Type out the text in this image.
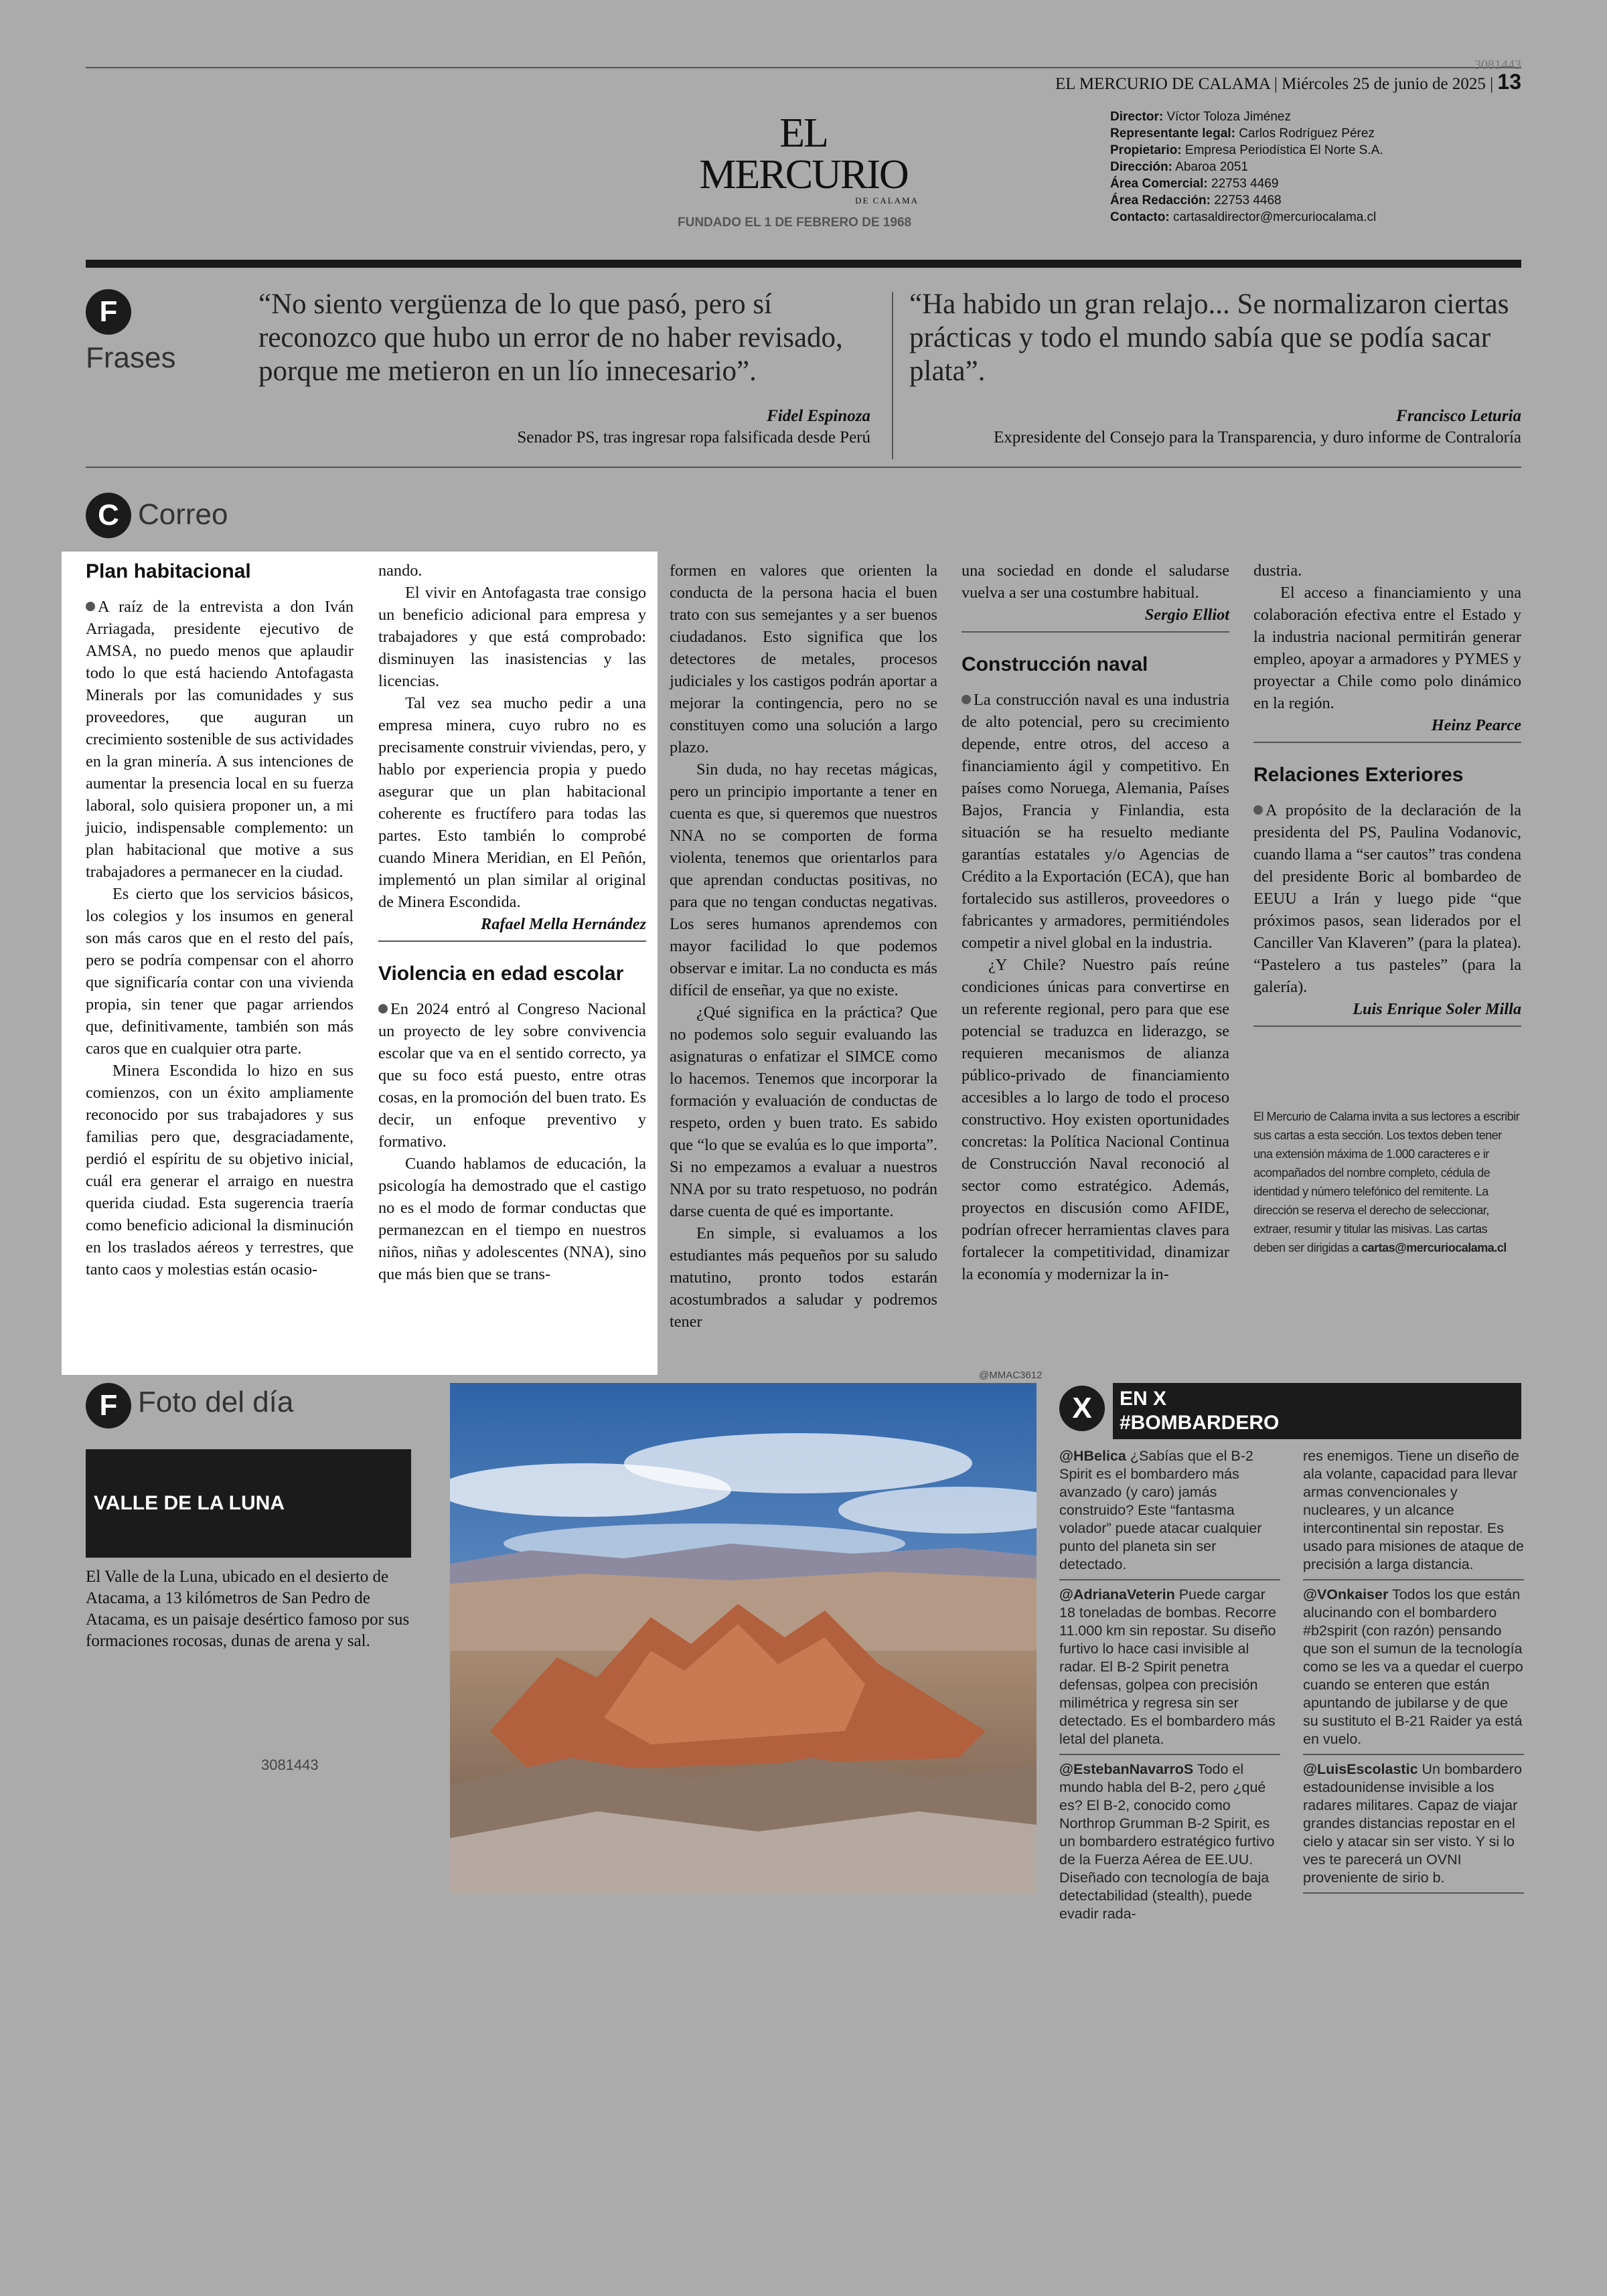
3081443
EL MERCURIO DE CALAMA | Miércoles 25 de junio de 2025 | 13
EL MERCURIO
DE CALAMA
FUNDADO EL 1 DE FEBRERO DE 1968
Director: Víctor Toloza Jiménez
Representante legal: Carlos Rodríguez Pérez
Propietario: Empresa Periodística El Norte S.A.
Dirección: Abaroa 2051
Área Comercial: 22753 4469
Área Redacción: 22753 4468
Contacto: cartasaldirector@mercuriocalama.cl
F
Frases
“No siento vergüenza de lo que pasó, pero sí reconozco que hubo un error de no haber revisado, porque me metieron en un lío innecesario”.
Fidel Espinoza
Senador PS, tras ingresar ropa falsificada desde Perú
“Ha habido un gran relajo... Se normalizaron ciertas prácticas y todo el mundo sabía que se podía sacar plata”.
Francisco Leturia
Expresidente del Consejo para la Transparencia, y duro informe de Contraloría
C Correo
Plan habitacional

A raíz de la entrevista a don Iván Arriagada, presidente ejecutivo de AMSA, no puedo menos que aplaudir todo lo que está haciendo Antofagasta Minerals por las comunidades y sus proveedores, que auguran un crecimiento sostenible de sus actividades en la gran minería. A sus intenciones de aumentar la presencia local en su fuerza laboral, solo quisiera proponer un, a mi juicio, indispensable complemento: un plan habitacional que motive a sus trabajadores a permanecer en la ciudad.

Es cierto que los servicios básicos, los colegios y los insumos en general son más caros que en el resto del país, pero se podría compensar con el ahorro que significaría contar con una vivienda propia, sin tener que pagar arriendos que, definitivamente, también son más caros que en cualquier otra parte.

Minera Escondida lo hizo en sus comienzos, con un éxito ampliamente reconocido por sus trabajadores y sus familias pero que, desgraciadamente, perdió el espíritu de su objetivo inicial, cuál era generar el arraigo en nuestra querida ciudad. Esta sugerencia traería como beneficio adicional la disminución en los traslados aéreos y terrestres, que tanto caos y molestias están ocasio-

nando.

El vivir en Antofagasta trae consigo un beneficio adicional para empresa y trabajadores y que está comprobado: disminuyen las inasistencias y las licencias.

Tal vez sea mucho pedir a una empresa minera, cuyo rubro no es precisamente construir viviendas, pero, y hablo por experiencia propia y puedo asegurar que un plan habitacional coherente es fructífero para todas las partes. Esto también lo comprobé cuando Minera Meridian, en El Peñón, implementó un plan similar al original de Minera Escondida.

Rafael Mella Hernández

Violencia en edad escolar

En 2024 entró al Congreso Nacional un proyecto de ley sobre convivencia escolar que va en el sentido correcto, ya que su foco está puesto, entre otras cosas, en la promoción del buen trato. Es decir, un enfoque preventivo y formativo.

Cuando hablamos de educación, la psicología ha demostrado que el castigo no es el modo de formar conductas que permanezcan en el tiempo en nuestros niños, niñas y adolescentes (NNA), sino que más bien que se trans-

formen en valores que orienten la conducta de la persona hacia el buen trato con sus semejantes y a ser buenos ciudadanos. Esto significa que los detectores de metales, procesos judiciales y los castigos podrán aportar a mejorar la contingencia, pero no se constituyen como una solución a largo plazo.

Sin duda, no hay recetas mágicas, pero un principio importante a tener en cuenta es que, si queremos que nuestros NNA no se comporten de forma violenta, tenemos que orientarlos para que aprendan conductas positivas, no para que no tengan conductas negativas. Los seres humanos aprendemos con mayor facilidad lo que podemos observar e imitar. La no conducta es más difícil de enseñar, ya que no existe.

¿Qué significa en la práctica? Que no podemos solo seguir evaluando las asignaturas o enfatizar el SIMCE como lo hacemos. Tenemos que incorporar la formación y evaluación de conductas de respeto, orden y buen trato. Es sabido que “lo que se evalúa es lo que importa”. Si no empezamos a evaluar a nuestros NNA por su trato respetuoso, no podrán darse cuenta de qué es importante.

En simple, si evaluamos a los estudiantes más pequeños por su saludo matutino, pronto todos estarán acostumbrados a saludar y podremos tener

una sociedad en donde el saludarse vuelva a ser una costumbre habitual.

Sergio Elliot

Construcción naval

La construcción naval es una industria de alto potencial, pero su crecimiento depende, entre otros, del acceso a financiamiento ágil y competitivo. En países como Noruega, Alemania, Países Bajos, Francia y Finlandia, esta situación se ha resuelto mediante garantías estatales y/o Agencias de Crédito a la Exportación (ECA), que han fortalecido sus astilleros, proveedores o fabricantes y armadores, permitiéndoles competir a nivel global en la industria.

¿Y Chile? Nuestro país reúne condiciones únicas para convertirse en un referente regional, pero para que ese potencial se traduzca en liderazgo, se requieren mecanismos de alianza público-privado de financiamiento accesibles a lo largo de todo el proceso constructivo. Hoy existen oportunidades concretas: la Política Nacional Continua de Construcción Naval reconoció al sector como estratégico. Además, proyectos en discusión como AFIDE, podrían ofrecer herramientas claves para fortalecer la competitividad, dinamizar la economía y modernizar la in-

dustria.

El acceso a financiamiento y una colaboración efectiva entre el Estado y la industria nacional permitirán generar empleo, apoyar a armadores y PYMES y proyectar a Chile como polo dinámico en la región.

Heinz Pearce

Relaciones Exteriores

A propósito de la declaración de la presidenta del PS, Paulina Vodanovic, cuando llama a “ser cautos” tras condena del presidente Boric al bombardeo de EEUU a Irán y luego pide “que próximos pasos, sean liderados por el Canciller Van Klaveren” (para la platea). “Pastelero a tus pasteles” (para la galería).

Luis Enrique Soler Milla

El Mercurio de Calama invita a sus lectores a escribir sus cartas a esta sección. Los textos deben tener una extensión máxima de 1.000 caracteres e ir acompañados del nombre completo, cédula de identidad y número telefónico del remitente. La dirección se reserva el derecho de seleccionar, extraer, resumir y titular las misivas. Las cartas deben ser dirigidas a cartas@mercuriocalama.cl
F Foto del día
VALLE DE LA LUNA
El Valle de la Luna, ubicado en el desierto de Atacama, a 13 kilómetros de San Pedro de Atacama, es un paisaje desértico famoso por sus formaciones rocosas, dunas de arena y sal.
3081443
@MMAC3612
X	EN X
#BOMBARDERO
@HBelica ¿Sabías que el B-2 Spirit es el bombardero más avanzado (y caro) jamás construido? Este “fantasma volador” puede atacar cualquier punto del planeta sin ser detectado.
@AdrianaVeterin Puede cargar 18 toneladas de bombas. Recorre 11.000 km sin repostar. Su diseño furtivo lo hace casi invisible al radar. El B-2 Spirit penetra defensas, golpea con precisión milimétrica y regresa sin ser detectado. Es el bombardero más letal del planeta.
@EstebanNavarroS Todo el mundo habla del B-2, pero ¿qué es? El B-2, conocido como Northrop Grumman B-2 Spirit, es un bombardero estratégico furtivo de la Fuerza Aérea de EE.UU. Diseñado con tecnología de baja detectabilidad (stealth), puede evadir rada-
res enemigos. Tiene un diseño de ala volante, capacidad para llevar armas convencionales y nucleares, y un alcance intercontinental sin repostar. Es usado para misiones de ataque de precisión a larga distancia.
@VOnkaiser Todos los que están alucinando con el bombardero #b2spirit (con razón) pensando que son el sumun de la tecnología como se les va a quedar el cuerpo cuando se enteren que están apuntando de jubilarse y de que su sustituto el B-21 Raider ya está en vuelo.
@LuisEscolastic Un bombardero estadounidense invisible a los radares militares. Capaz de viajar grandes distancias repostar en el cielo y atacar sin ser visto. Y si lo ves te parecerá un OVNI proveniente de sirio b.
